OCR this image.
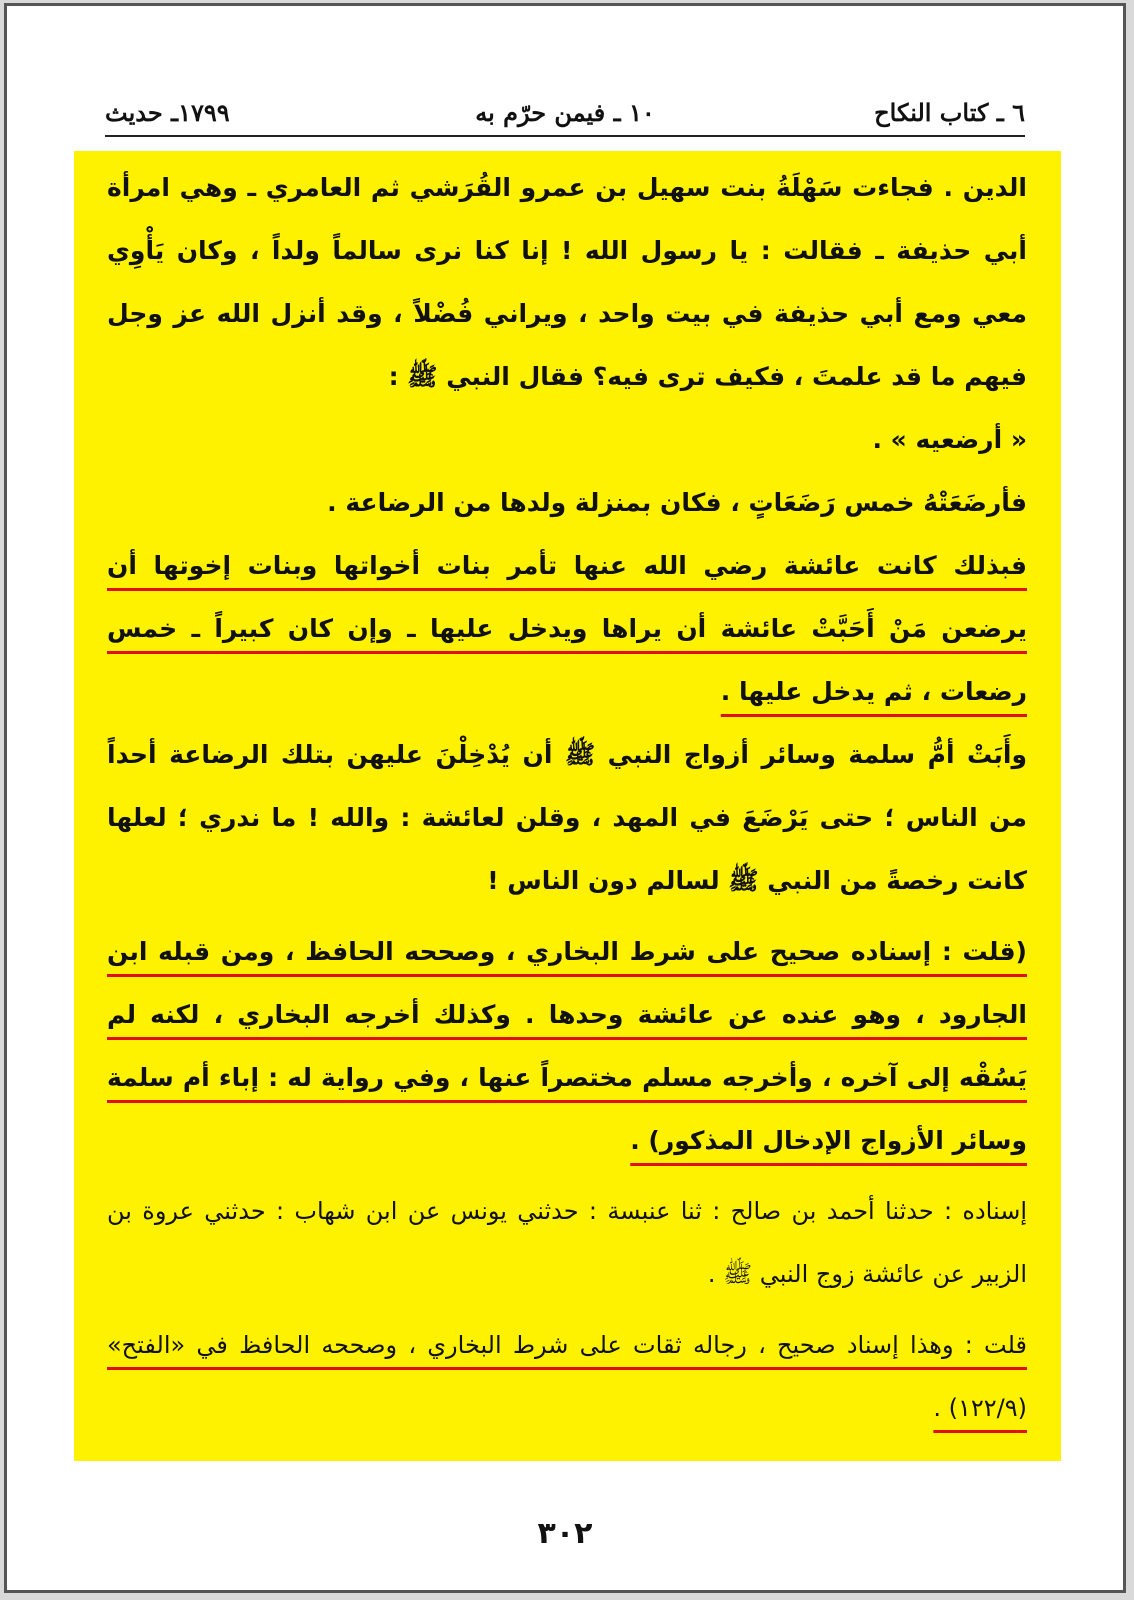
٦ ـ كتاب النكاح
١٠ ـ فيمن حرّم به
١٧٩٩ـ حديث

الدين . فجاءت سَهْلَةُ بنت سهيل بن عمرو القُرَشي ثم العامري ـ وهي امرأة أبي حذيفة ـ فقالت : يا رسول الله ! إنا كنا نرى سالماً ولداً ، وكان يَأْوِي معي ومع أبي حذيفة في بيت واحد ، ويراني فُضْلاً ، وقد أنزل الله عز وجل فيهم ما قد علمتَ ، فكيف ترى فيه؟ فقال النبي ﷺ :

« أرضعيه » .

فأرضَعَتْهُ خمس رَضَعَاتٍ ، فكان بمنزلة ولدها من الرضاعة .

فبذلك كانت عائشة رضي الله عنها تأمر بنات أخواتها وبنات إخوتها أن يرضعن مَنْ أَحَبَّتْ عائشة أن يراها ويدخل عليها ـ وإن كان كبيراً ـ خمس رضعات ، ثم يدخل عليها .

وأَبَتْ أمُّ سلمة وسائر أزواج النبي ﷺ أن يُدْخِلْنَ عليهن بتلك الرضاعة أحداً من الناس ؛ حتى يَرْضَعَ في المهد ، وقلن لعائشة : والله ! ما ندري ؛ لعلها كانت رخصةً من النبي ﷺ لسالم دون الناس !

(قلت : إسناده صحيح على شرط البخاري ، وصححه الحافظ ، ومن قبله ابن الجارود ، وهو عنده عن عائشة وحدها . وكذلك أخرجه البخاري ، لكنه لم يَسُقْه إلى آخره ، وأخرجه مسلم مختصراً عنها ، وفي رواية له : إباء أم سلمة وسائر الأزواج الإدخال المذكور) .

إسناده : حدثنا أحمد بن صالح : ثنا عنبسة : حدثني يونس عن ابن شهاب : حدثني عروة بن الزبير عن عائشة زوج النبي ﷺ .

قلت : وهذا إسناد صحيح ، رجاله ثقات على شرط البخاري ، وصححه الحافظ في «الفتح» (١٢٢/٩) .

٣٠٢
